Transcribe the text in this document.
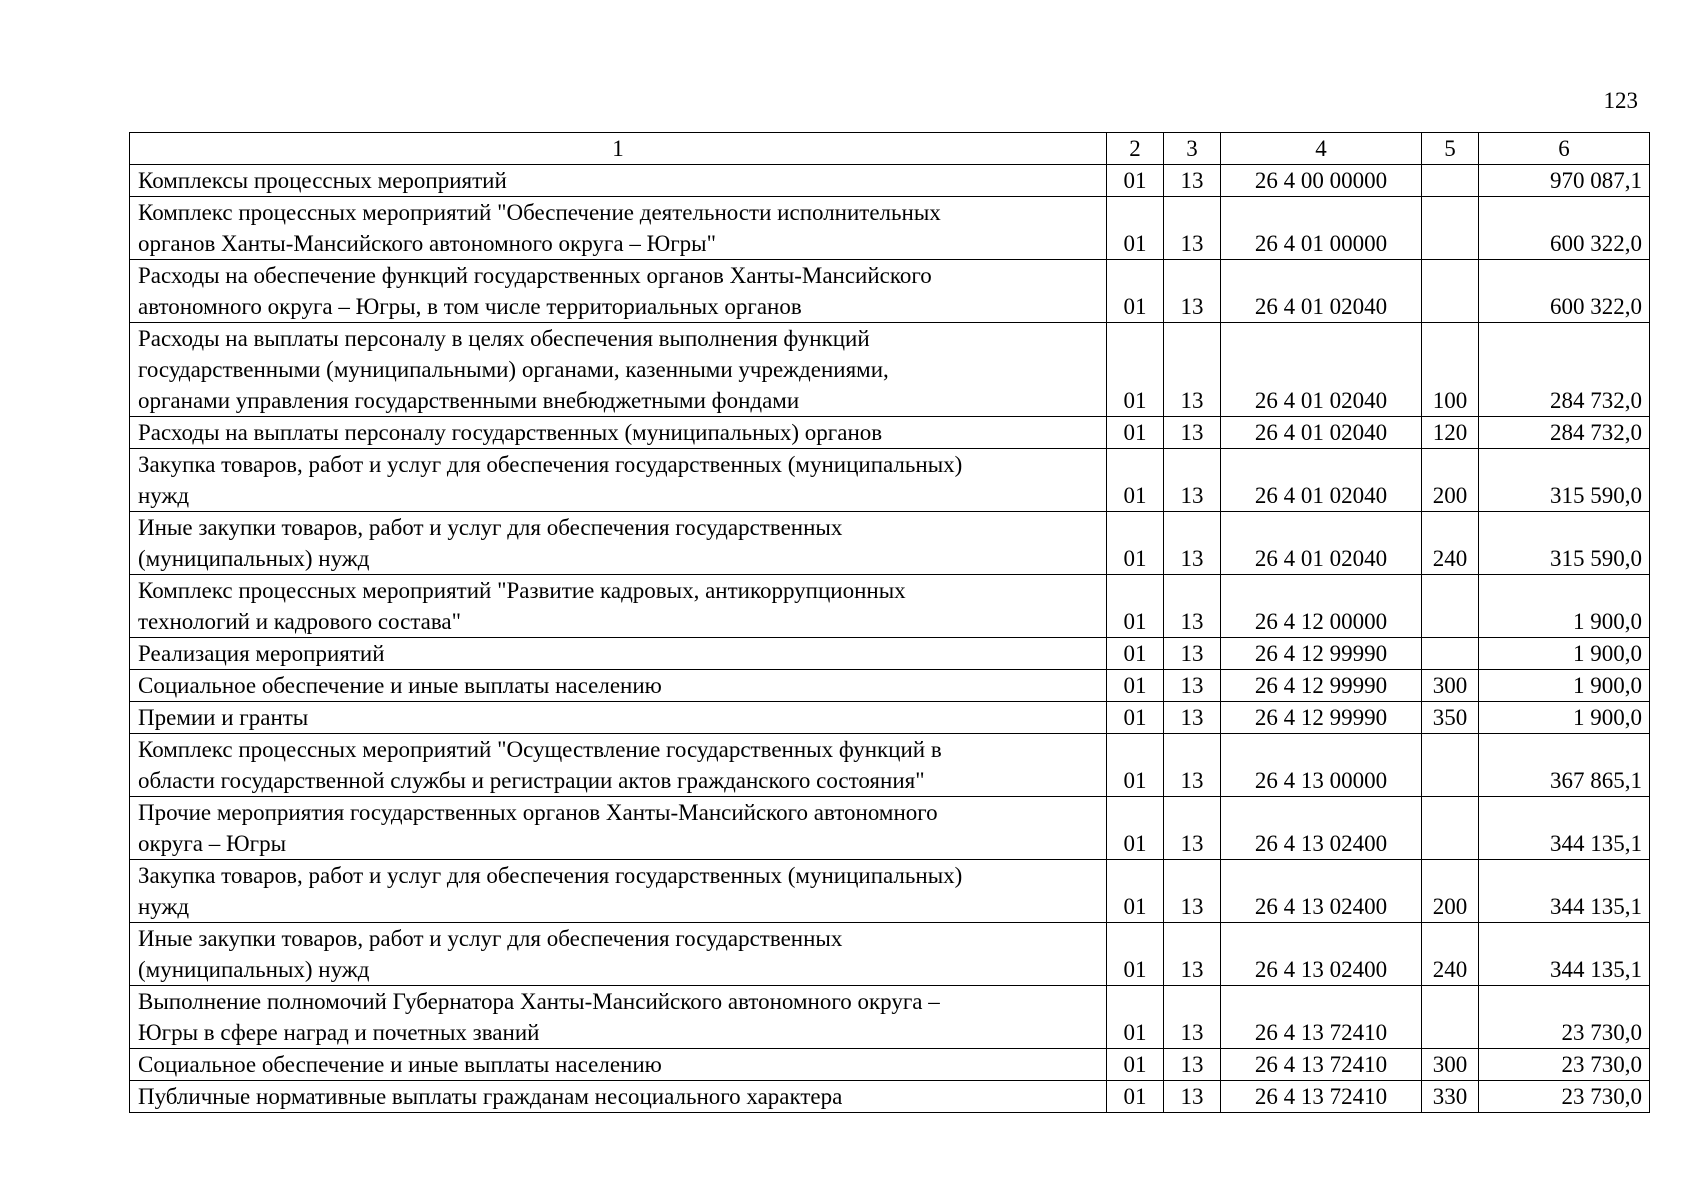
123
1	2	3	4	5	6
Комплексы процессных мероприятий	01	13	26 4 00 00000		970 087,1
Комплекс процессных мероприятий "Обеспечение деятельности исполнительных
органов Ханты-Мансийского автономного округа – Югры"	01	13	26 4 01 00000		600 322,0
Расходы на обеспечение функций государственных органов Ханты-Мансийского
автономного округа – Югры, в том числе территориальных органов	01	13	26 4 01 02040		600 322,0
Расходы на выплаты персоналу в целях обеспечения выполнения функций
государственными (муниципальными) органами, казенными учреждениями,
органами управления государственными внебюджетными фондами	01	13	26 4 01 02040	100	284 732,0
Расходы на выплаты персоналу государственных (муниципальных) органов	01	13	26 4 01 02040	120	284 732,0
Закупка товаров, работ и услуг для обеспечения государственных (муниципальных)
нужд	01	13	26 4 01 02040	200	315 590,0
Иные закупки товаров, работ и услуг для обеспечения государственных
(муниципальных) нужд	01	13	26 4 01 02040	240	315 590,0
Комплекс процессных мероприятий "Развитие кадровых, антикоррупционных
технологий и кадрового состава"	01	13	26 4 12 00000		1 900,0
Реализация мероприятий	01	13	26 4 12 99990		1 900,0
Социальное обеспечение и иные выплаты населению	01	13	26 4 12 99990	300	1 900,0
Премии и гранты	01	13	26 4 12 99990	350	1 900,0
Комплекс процессных мероприятий "Осуществление государственных функций в
области государственной службы и регистрации актов гражданского состояния"	01	13	26 4 13 00000		367 865,1
Прочие мероприятия государственных органов Ханты-Мансийского автономного
округа – Югры	01	13	26 4 13 02400		344 135,1
Закупка товаров, работ и услуг для обеспечения государственных (муниципальных)
нужд	01	13	26 4 13 02400	200	344 135,1
Иные закупки товаров, работ и услуг для обеспечения государственных
(муниципальных) нужд	01	13	26 4 13 02400	240	344 135,1
Выполнение полномочий Губернатора Ханты-Мансийского автономного округа –
Югры в сфере наград и почетных званий	01	13	26 4 13 72410		23 730,0
Социальное обеспечение и иные выплаты населению	01	13	26 4 13 72410	300	23 730,0
Публичные нормативные выплаты гражданам несоциального характера	01	13	26 4 13 72410	330	23 730,0
